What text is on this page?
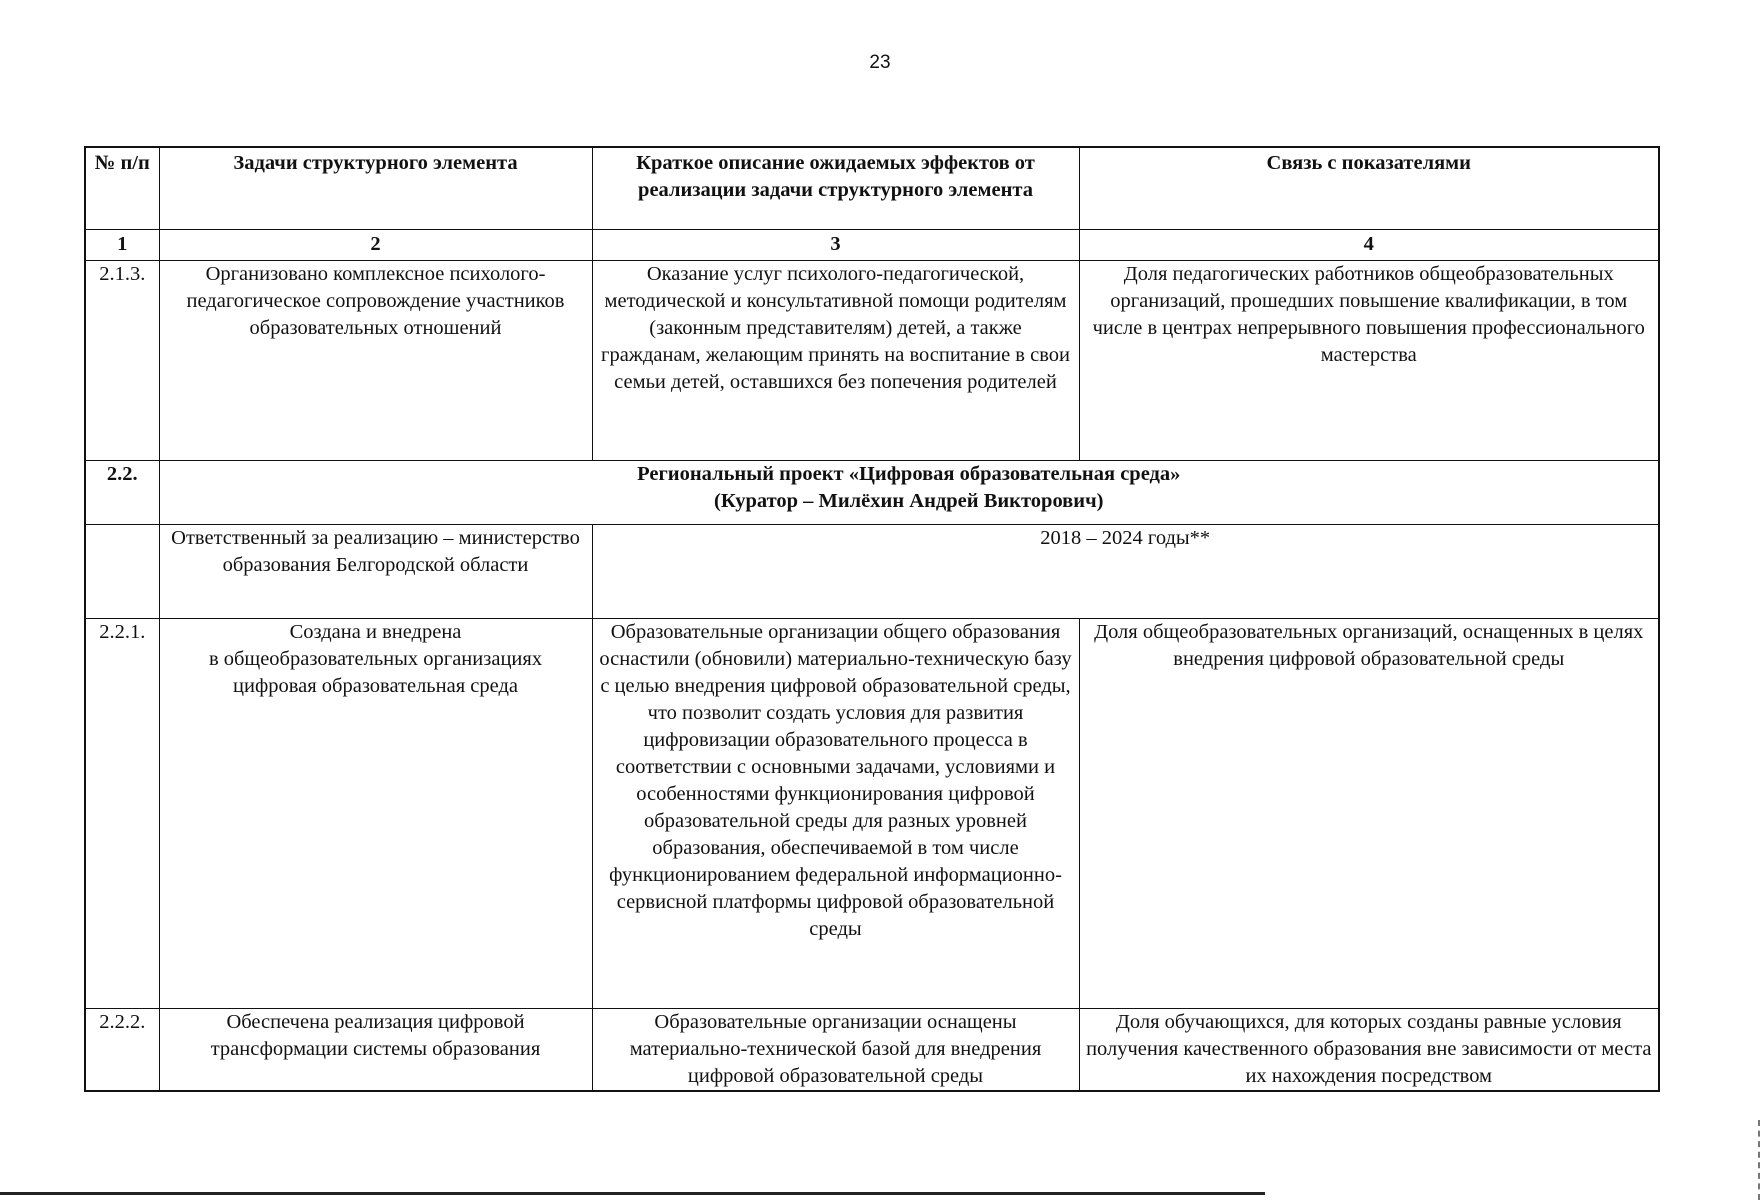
23
№ п/п	Задачи структурного элемента	Краткое описание ожидаемых эффектов от реализации задачи структурного элемента	Связь с показателями
1	2	3	4
2.1.3.	Организовано комплексное психолого-педагогическое сопровождение участников образовательных отношений	Оказание услуг психолого-педагогической, методической и консультативной помощи родителям (законным представителям) детей, а также гражданам, желающим принять на воспитание в свои семьи детей, оставшихся без попечения родителей	Доля педагогических работников общеобразовательных организаций, прошедших повышение квалификации, в том числе в центрах непрерывного повышения профессионального мастерства
2.2.	Региональный проект «Цифровая образовательная среда»
(Куратор – Милёхин Андрей Викторович)		

	Ответственный за реализацию – министерство образования Белгородской области	2018 – 2024 годы**	
2.2.1.	Создана и внедрена
в общеобразовательных организациях цифровая образовательная среда	Образовательные организации общего образования оснастили (обновили) материально-техническую базу с целью внедрения цифровой образовательной среды, что позволит создать условия для развития цифровизации образовательного процесса в соответствии с основными задачами, условиями и особенностями функционирования цифровой образовательной среды для разных уровней образования, обеспечиваемой в том числе функционированием федеральной информационно-сервисной платформы цифровой образовательной среды	Доля общеобразовательных организаций, оснащенных в целях внедрения цифровой образовательной среды
2.2.2.	Обеспечена реализация цифровой трансформации системы образования	Образовательные организации оснащены материально-технической базой для внедрения цифровой образовательной среды	Доля обучающихся, для которых созданы равные условия получения качественного образования вне зависимости от места их нахождения посредством
